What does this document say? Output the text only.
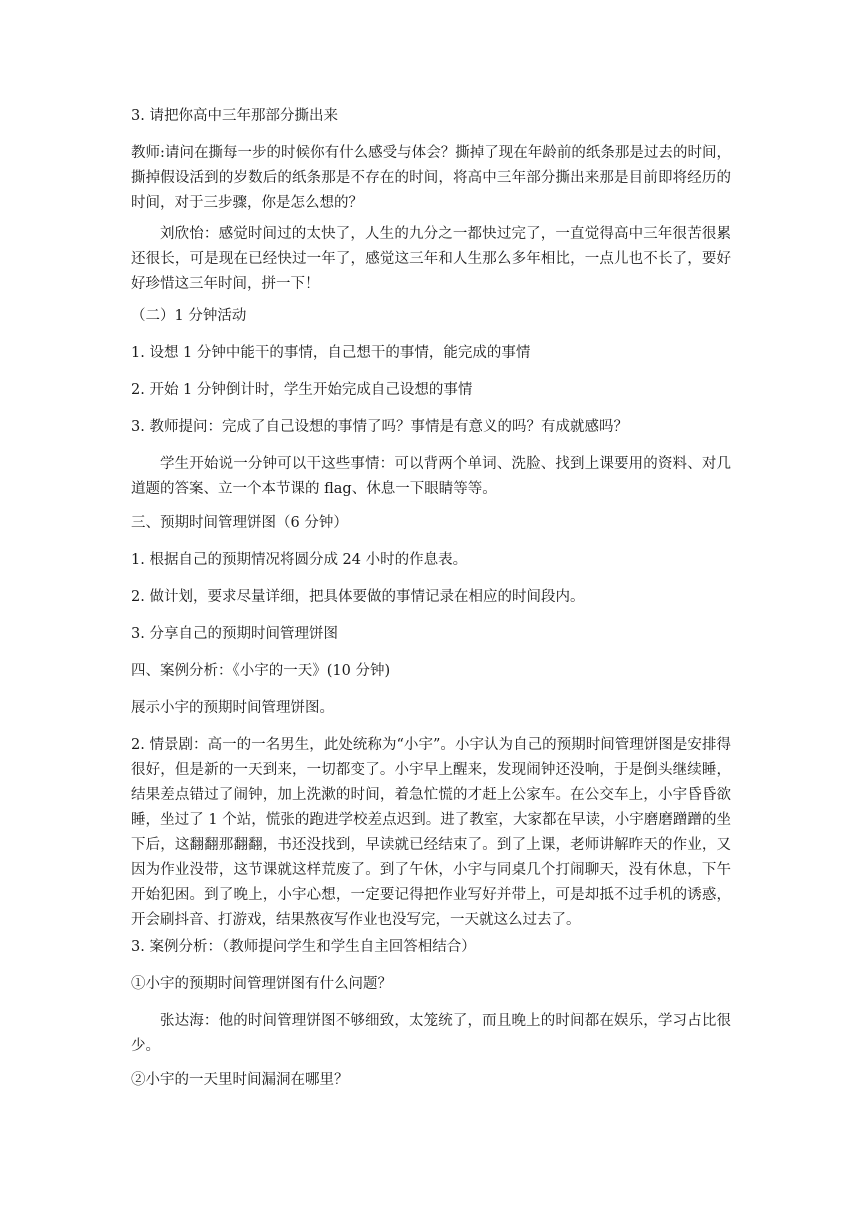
3. 请把你高中三年那部分撕出来

教师:请问在撕每一步的时候你有什么感受与体会？撕掉了现在年龄前的纸条那是过去的时间，撕掉假设活到的岁数后的纸条那是不存在的时间，将高中三年部分撕出来那是目前即将经历的时间，对于三步骤，你是怎么想的？

刘欣怡：感觉时间过的太快了，人生的九分之一都快过完了，一直觉得高中三年很苦很累还很长，可是现在已经快过一年了，感觉这三年和人生那么多年相比，一点儿也不长了，要好好珍惜这三年时间，拼一下！

（二）1 分钟活动

1. 设想 1 分钟中能干的事情，自己想干的事情，能完成的事情

2. 开始 1 分钟倒计时，学生开始完成自己设想的事情

3. 教师提问：完成了自己设想的事情了吗？事情是有意义的吗？有成就感吗？

学生开始说一分钟可以干这些事情：可以背两个单词、洗脸、找到上课要用的资料、对几道题的答案、立一个本节课的 flag、休息一下眼睛等等。

三、预期时间管理饼图（6 分钟）

1. 根据自己的预期情况将圆分成 24 小时的作息表。

2. 做计划，要求尽量详细，把具体要做的事情记录在相应的时间段内。

3. 分享自己的预期时间管理饼图

四、案例分析：《小宇的一天》(10 分钟)

展示小宇的预期时间管理饼图。

2. 情景剧：高一的一名男生，此处统称为“小宇”。小宇认为自己的预期时间管理饼图是安排得很好，但是新的一天到来，一切都变了。小宇早上醒来，发现闹钟还没响，于是倒头继续睡，结果差点错过了闹钟，加上洗漱的时间，着急忙慌的才赶上公家车。在公交车上，小宇昏昏欲睡，坐过了 1 个站，慌张的跑进学校差点迟到。进了教室，大家都在早读，小宇磨磨蹭蹭的坐下后，这翻翻那翻翻，书还没找到，早读就已经结束了。到了上课，老师讲解昨天的作业，又因为作业没带，这节课就这样荒废了。到了午休，小宇与同桌几个打闹聊天，没有休息，下午开始犯困。到了晚上，小宇心想，一定要记得把作业写好并带上，可是却抵不过手机的诱惑，开会刷抖音、打游戏，结果熬夜写作业也没写完，一天就这么过去了。

3. 案例分析：（教师提问学生和学生自主回答相结合）

①小宇的预期时间管理饼图有什么问题？

张达海：他的时间管理饼图不够细致，太笼统了，而且晚上的时间都在娱乐，学习占比很少。

②小宇的一天里时间漏洞在哪里？
